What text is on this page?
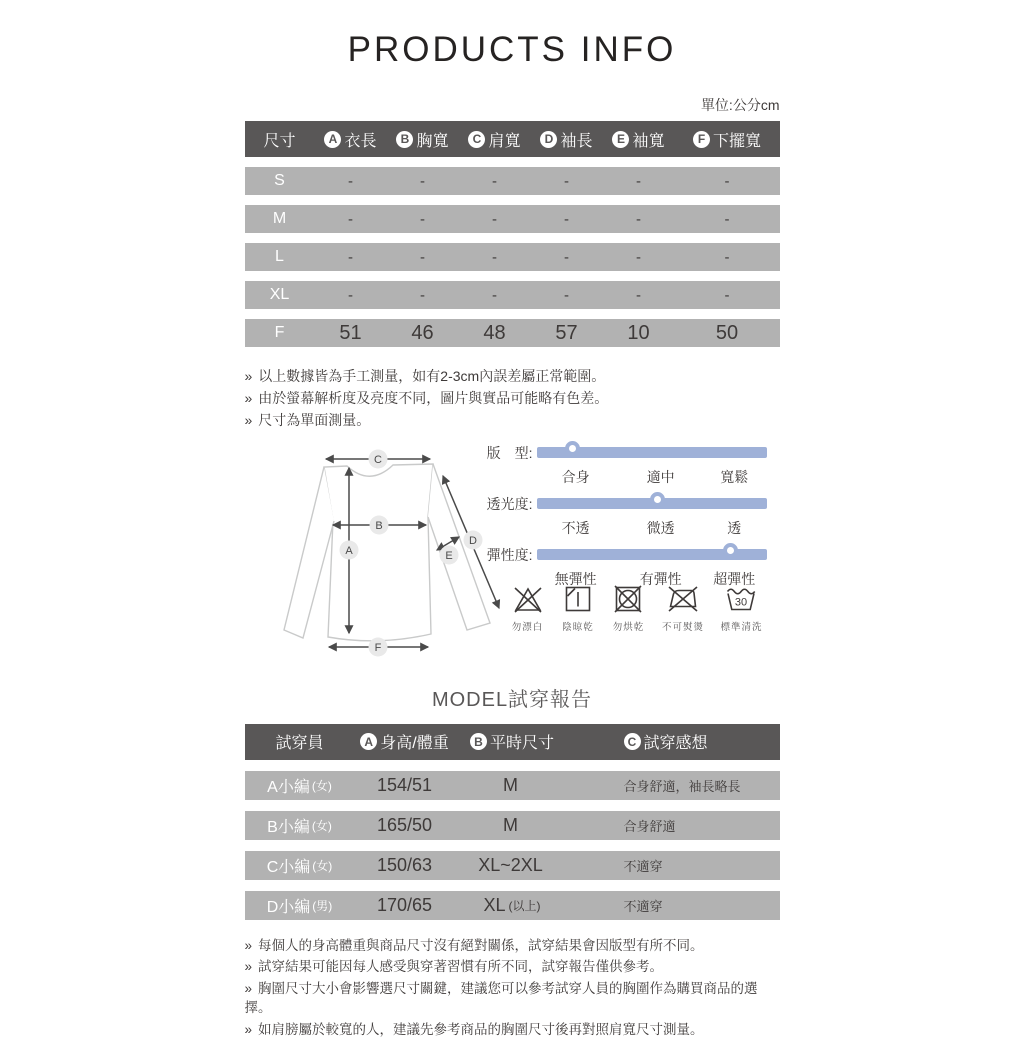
PRODUCTS INFO
單位:公分cm
尺寸	A 衣長	B 胸寬	C 肩寬	D 袖長	E 袖寬	F 下擺寬
S	-	-	-	-	-	-
M	-	-	-	-	-	-
L	-	-	-	-	-	-
XL	-	-	-	-	-	-
F	51	46	48	57	10	50

» 以上數據皆為手工測量，如有2-3cm內誤差屬正常範圍。

» 由於螢幕解析度及亮度不同，圖片與實品可能略有色差。

» 尺寸為單面測量。

C
B
A
D
E
F
版　型:
合身	適中	寬鬆
透光度:
不透	微透	透
彈性度:
無彈性	有彈性 超彈性
勿漂白 陰晾乾 勿烘乾 不可熨燙
30
標準清洗
MODEL試穿報告
試穿員	A 身高/體重	B 平時尺寸	C 試穿感想
A小編 (女)	154/51	M	合身舒適，袖長略長
B小編 (女)	165/50	M	合身舒適
C小編 (女)	150/63	XL~2XL	不適穿
D小編 (男)	170/65	XL (以上)	不適穿

» 每個人的身高體重與商品尺寸沒有絕對關係，試穿結果會因版型有所不同。

» 試穿結果可能因每人感受與穿著習慣有所不同，試穿報告僅供參考。

» 胸圍尺寸大小會影響選尺寸關鍵，建議您可以參考試穿人員的胸圍作為購買商品的選擇。

» 如肩膀屬於較寬的人，建議先參考商品的胸圍尺寸後再對照肩寬尺寸測量。
